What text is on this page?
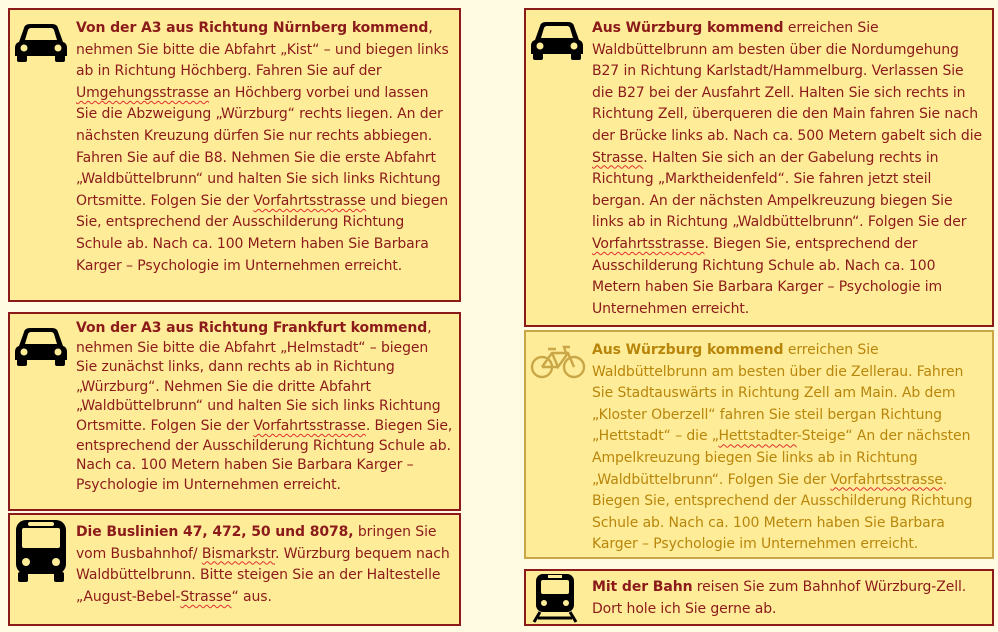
Von der A3 aus Richtung Nürnberg kommend, nehmen Sie bitte die Abfahrt „Kist“ – und biegen links ab in Richtung Höchberg. Fahren Sie auf der Umgehungsstrasse an Höchberg vorbei und lassen Sie die Abzweigung „Würzburg“ rechts liegen. An der nächsten Kreuzung dürfen Sie nur rechts abbiegen. Fahren Sie auf die B8. Nehmen Sie die erste Abfahrt „Waldbüttelbrunn“ und halten Sie sich links Richtung Ortsmitte. Folgen Sie der Vorfahrtsstrasse und biegen Sie, entsprechend der Ausschilderung Richtung Schule ab. Nach ca. 100 Metern haben Sie Barbara Karger – Psychologie im Unternehmen erreicht.
Von der A3 aus Richtung Frankfurt kommend, nehmen Sie bitte die Abfahrt „Helmstadt“ – biegen Sie zunächst links, dann rechts ab in Richtung „Würzburg“. Nehmen Sie die dritte Abfahrt „Waldbüttelbrunn“ und halten Sie sich links Richtung Ortsmitte. Folgen Sie der Vorfahrtsstrasse. Biegen Sie, entsprechend der Ausschilderung Richtung Schule ab. Nach ca. 100 Metern haben Sie Barbara Karger – Psychologie im Unternehmen erreicht.
Die Buslinien 47, 472, 50 und 8078, bringen Sie vom Busbahnhof/ Bismarkstr. Würzburg bequem nach Waldbüttelbrunn. Bitte steigen Sie an der Haltestelle „August-Bebel-Strasse“ aus.
Aus Würzburg kommend erreichen Sie Waldbüttelbrunn am besten über die Nordumgehung B27 in Richtung Karlstadt/Hammelburg. Verlassen Sie die B27 bei der Ausfahrt Zell. Halten Sie sich rechts in Richtung Zell, überqueren die den Main fahren Sie nach der Brücke links ab. Nach ca. 500 Metern gabelt sich die Strasse. Halten Sie sich an der Gabelung rechts in Richtung „Marktheidenfeld“. Sie fahren jetzt steil bergan. An der nächsten Ampelkreuzung biegen Sie links ab in Richtung „Waldbüttelbrunn“. Folgen Sie der Vorfahrtsstrasse. Biegen Sie, entsprechend der Ausschilderung Richtung Schule ab. Nach ca. 100 Metern haben Sie Barbara Karger – Psychologie im Unternehmen erreicht.
Aus Würzburg kommend erreichen Sie Waldbüttelbrunn am besten über die Zellerau. Fahren Sie Stadtauswärts in Richtung Zell am Main. Ab dem „Kloster Oberzell“ fahren Sie steil bergan Richtung „Hettstadt“ – die „Hettstadter-Steige“ An der nächsten Ampelkreuzung biegen Sie links ab in Richtung „Waldbüttelbrunn“. Folgen Sie der Vorfahrtsstrasse. Biegen Sie, entsprechend der Ausschilderung Richtung Schule ab. Nach ca. 100 Metern haben Sie Barbara Karger – Psychologie im Unternehmen erreicht.
Mit der Bahn reisen Sie zum Bahnhof Würzburg-Zell. Dort hole ich Sie gerne ab.
